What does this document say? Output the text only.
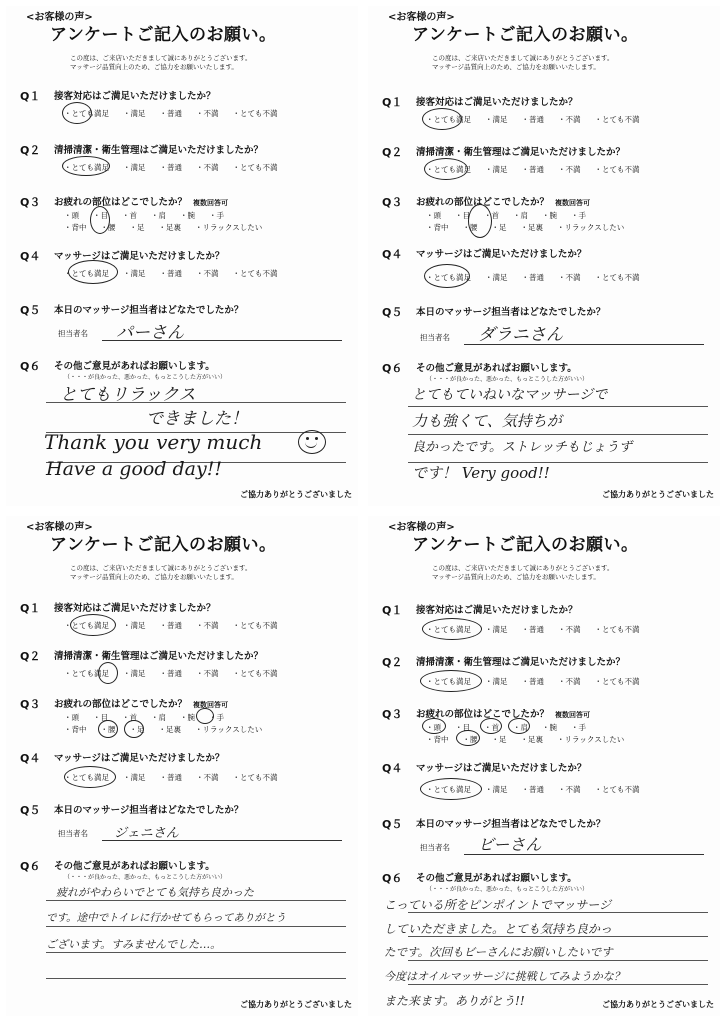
<お客様の声>
アンケートご記入のお願い。
この度は、ご来店いただきまして誠にありがとうございます。
マッサージ品質向上のため、ご協力をお願いいたします。
Q１ 接客対応はご満足いただけましたか？
・とても満足 ・満足 ・普通 ・不満 ・とても不満
Q２ 清掃清潔・衛生管理はご満足いただけましたか？
・とても満足 ・満足 ・普通 ・不満 ・とても不満
Q３ お疲れの部位はどこでしたか？ 複数回答可
・頭 ・目 ・首 ・肩 ・腕 ・手
・背中 ・腰 ・足 ・足裏 ・リラックスしたい
Q４ マッサージはご満足いただけましたか？
・とても満足 ・満足 ・普通 ・不満 ・とても不満
Q５ 本日のマッサージ担当者はどなたでしたか？
担当者名 パーさん
Q６ その他ご意見があればお願いします。
（・・・が良かった、悪かった、もっとこうした方がいい）
とてもリラックス
できました！
Thank you very much
Have a good day!!
ご協力ありがとうございました
<お客様の声>
アンケートご記入のお願い。
この度は、ご来店いただきまして誠にありがとうございます。
マッサージ品質向上のため、ご協力をお願いいたします。
Q１ 接客対応はご満足いただけましたか？
・とても満足 ・満足 ・普通 ・不満 ・とても不満
Q２ 清掃清潔・衛生管理はご満足いただけましたか？
・とても満足 ・満足 ・普通 ・不満 ・とても不満
Q３ お疲れの部位はどこでしたか？ 複数回答可
・頭 ・目 ・首 ・肩 ・腕 ・手
・背中 ・腰 ・足 ・足裏 ・リラックスしたい
Q４ マッサージはご満足いただけましたか？
・とても満足 ・満足 ・普通 ・不満 ・とても不満
Q５ 本日のマッサージ担当者はどなたでしたか？
担当者名 ダラニさん
Q６ その他ご意見があればお願いします。
（・・・が良かった、悪かった、もっとこうした方がいい）
とてもていねいなマッサージで
力も強くて、気持ちが
良かったです。ストレッチもじょうず
です！ Very good!!
ご協力ありがとうございました
<お客様の声>
アンケートご記入のお願い。
この度は、ご来店いただきまして誠にありがとうございます。
マッサージ品質向上のため、ご協力をお願いいたします。
Q１ 接客対応はご満足いただけましたか？
・とても満足 ・満足 ・普通 ・不満 ・とても不満
Q２ 清掃清潔・衛生管理はご満足いただけましたか？
・とても満足 ・満足 ・普通 ・不満 ・とても不満
Q３ お疲れの部位はどこでしたか？ 複数回答可
・頭 ・目 ・首 ・肩 ・腕 ・手
・背中 ・腰 ・足 ・足裏 ・リラックスしたい
Q４ マッサージはご満足いただけましたか？
・とても満足 ・満足 ・普通 ・不満 ・とても不満
Q５ 本日のマッサージ担当者はどなたでしたか？
担当者名 ジェニさん
Q６ その他ご意見があればお願いします。
（・・・が良かった、悪かった、もっとこうした方がいい）
疲れがやわらいでとても気持ち良かった
です。途中でトイレに行かせてもらってありがとう
ございます。すみませんでした…。
ご協力ありがとうございました
<お客様の声>
アンケートご記入のお願い。
この度は、ご来店いただきまして誠にありがとうございます。
マッサージ品質向上のため、ご協力をお願いいたします。
Q１ 接客対応はご満足いただけましたか？
・とても満足 ・満足 ・普通 ・不満 ・とても不満
Q２ 清掃清潔・衛生管理はご満足いただけましたか？
・とても満足 ・満足 ・普通 ・不満 ・とても不満
Q３ お疲れの部位はどこでしたか？ 複数回答可
・頭 ・目 ・首 ・肩 ・腕 ・手
・背中 ・腰 ・足 ・足裏 ・リラックスしたい
Q４ マッサージはご満足いただけましたか？
・とても満足 ・満足 ・普通 ・不満 ・とても不満
Q５ 本日のマッサージ担当者はどなたでしたか？
担当者名 ビーさん
Q６ その他ご意見があればお願いします。
（・・・が良かった、悪かった、もっとこうした方がいい）
こっている所をピンポイントでマッサージ
していただきました。とても気持ち良かっ
たです。次回もビーさんにお願いしたいです
今度はオイルマッサージに挑戦してみようかな？
また来ます。ありがとう!!	ご協力ありがとうございました
